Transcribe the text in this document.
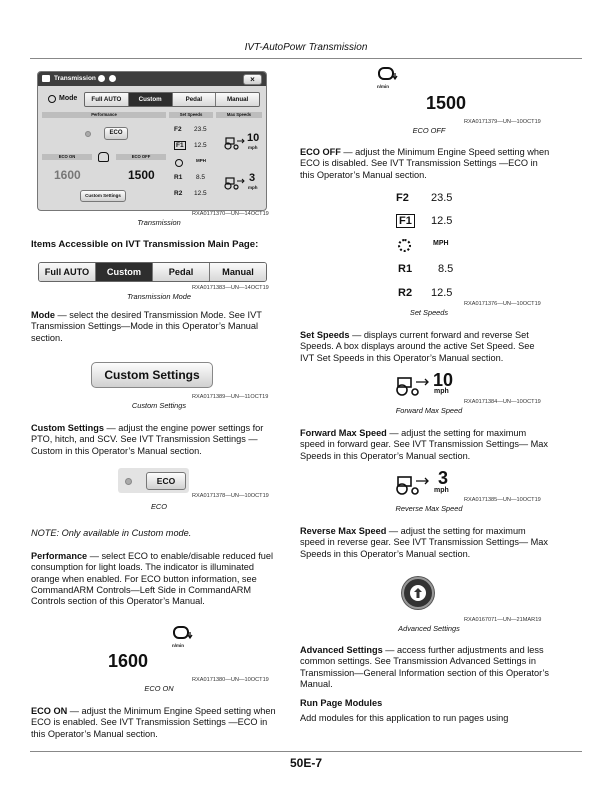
IVT-AutoPowr Transmission
Transmission	×
Mode	Full AUTO	Custom	Pedal	Manual
Performance	Set Speeds	Max Speeds
ECO
ECO ON	ECO OFF
1600	1500
Custom Settings
F2 23.5
F1 12.5
MPH
R1 8.5
R2 12.5
10
mph
3
mph
RXA0171370—UN—14OCT19
Transmission
Items Accessible on IVT Transmission Main Page:
Full AUTO	Custom	Pedal	Manual
RXA0171383—UN—14OCT19
Transmission Mode

Mode — select the desired Transmission Mode. See IVT Transmission Settings—Mode in this Operator’s Manual section.

Custom Settings
RXA0171389—UN—11OCT19
Custom Settings

Custom Settings — adjust the engine power settings for PTO, hitch, and SCV. See IVT Transmission Settings —Custom in this Operator’s Manual section.

ECO
RXA0171378—UN—10OCT19
ECO
NOTE: Only available in Custom mode.

Performance — select ECO to enable/disable reduced fuel consumption for light loads. The indicator is illuminated orange when enabled. For ECO button information, see CommandARM Controls—Left Side in CommandARM Controls section of this Operator’s Manual.

n/min
1600
RXA0171380—UN—10OCT19
ECO ON

ECO ON — adjust the Minimum Engine Speed setting when ECO is enabled. See IVT Transmission Settings —ECO in this Operator’s Manual section.

n/min
1500
RXA0171379—UN—10OCT19
ECO OFF

ECO OFF — adjust the Minimum Engine Speed setting when ECO is disabled. See IVT Transmission Settings —ECO in this Operator’s Manual section.

F2 23.5
F1 12.5
MPH
R1 8.5
R2 12.5
RXA0171376—UN—10OCT19
Set Speeds

Set Speeds — displays current forward and reverse Set Speeds. A box displays around the active Set Speed. See IVT Set Speeds in this Operator’s Manual section.

10
mph
RXA0171384—UN—10OCT19
Forward Max Speed

Forward Max Speed — adjust the setting for maximum speed in forward gear. See IVT Transmission Settings— Max Speeds in this Operator’s Manual section.

3
mph
RXA0171385—UN—10OCT19
Reverse Max Speed

Reverse Max Speed — adjust the setting for maximum speed in reverse gear. See IVT Transmission Settings— Max Speeds in this Operator’s Manual section.

RXA0167071—UN—21MAR19
Advanced Settings

Advanced Settings — access further adjustments and less common settings. See Transmission Advanced Settings in Transmission—General Information section of this Operator’s Manual.

Run Page Modules
Add modules for this application to run pages using
50E-7
